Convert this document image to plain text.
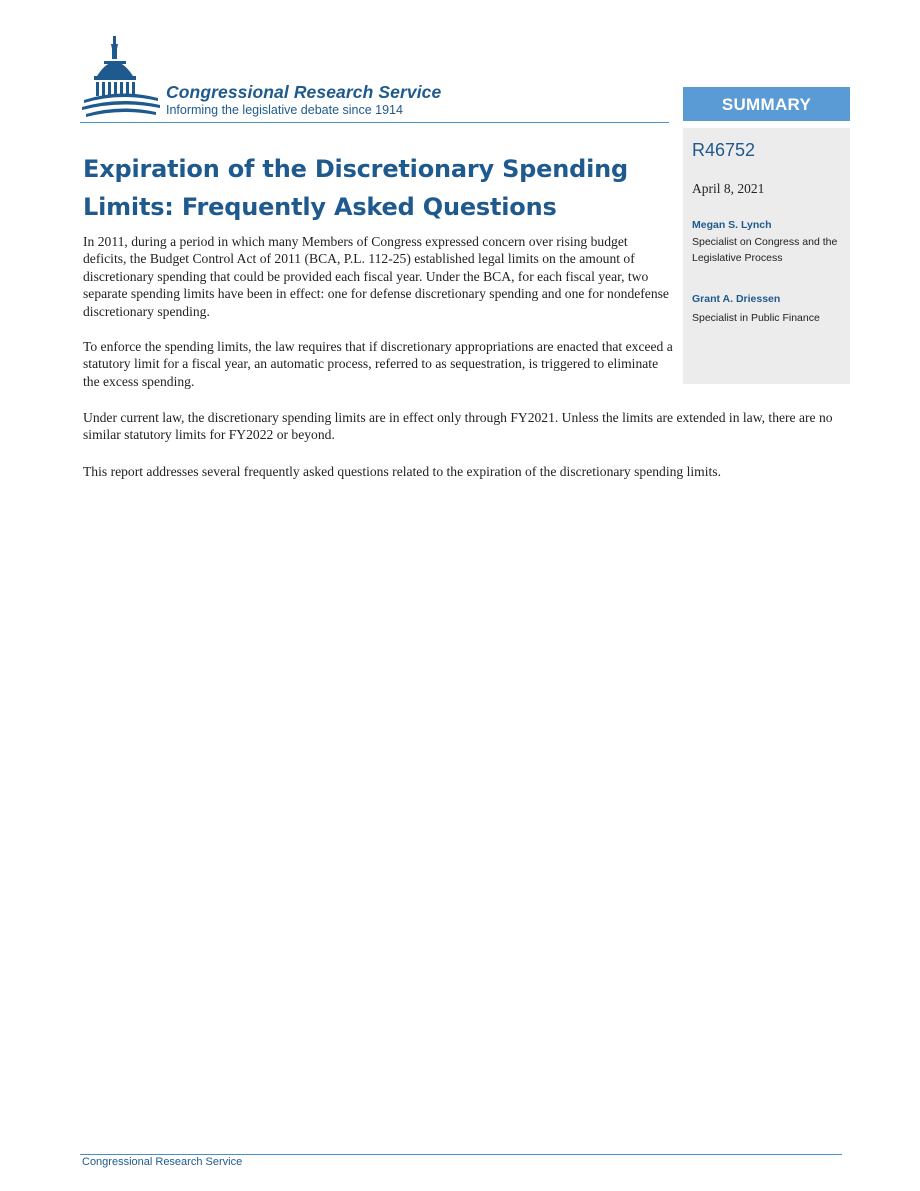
Congressional Research Service
Informing the legislative debate since 1914	SUMMARY
R46752
April 8, 2021
Megan S. Lynch
Specialist on Congress and the Legislative Process
Grant A. Driessen
Specialist in Public Finance
Expiration of the Discretionary Spending Limits: Frequently Asked Questions

In 2011, during a period in which many Members of Congress expressed concern over rising budget deficits, the Budget Control Act of 2011 (BCA, P.L. 112-25) established legal limits on the amount of discretionary spending that could be provided each fiscal year. Under the BCA, for each fiscal year, two separate spending limits have been in effect: one for defense discretionary spending and one for nondefense discretionary spending.

To enforce the spending limits, the law requires that if discretionary appropriations are enacted that exceed a statutory limit for a fiscal year, an automatic process, referred to as sequestration, is triggered to eliminate the excess spending.

Under current law, the discretionary spending limits are in effect only through FY2021. Unless the limits are extended in law, there are no similar statutory limits for FY2022 or beyond.

This report addresses several frequently asked questions related to the expiration of the discretionary spending limits.

Congressional Research Service
